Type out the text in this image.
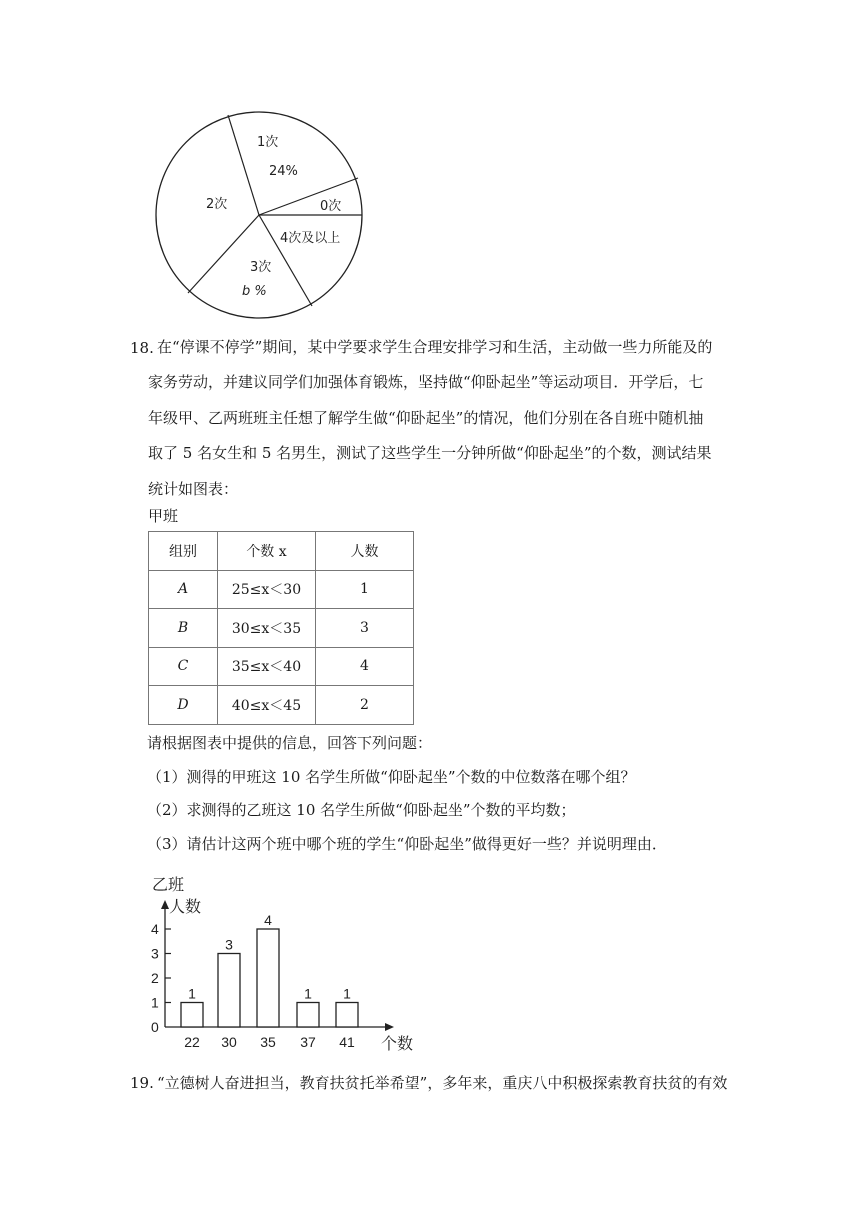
1次
24%
0次
4次及以上
3次
b %
2次
18. 在“停课不停学”期间，某中学要求学生合理安排学习和生活，主动做一些力所能及的
家务劳动，并建议同学们加强体育锻炼，坚持做“仰卧起坐”等运动项目．开学后，七
年级甲、乙两班班主任想了解学生做“仰卧起坐”的情况，他们分别在各自班中随机抽
取了 5 名女生和 5 名男生，测试了这些学生一分钟所做“仰卧起坐”的个数，测试结果
统计如图表：
甲班
组别	个数 x	人数
A	25≤x＜30	1
B	30≤x＜35	3
C	35≤x＜40	4
D	40≤x＜45	2
请根据图表中提供的信息，回答下列问题：
（1）测得的甲班这 10 名学生所做“仰卧起坐”个数的中位数落在哪个组？
（2）求测得的乙班这 10 名学生所做“仰卧起坐”个数的平均数；
（3）请估计这两个班中哪个班的学生“仰卧起坐”做得更好一些？并说明理由．
乙班
人数
个数
0
1
2
3
4
1
22
3
30
4
35
1
37
1
41
19. “立德树人奋进担当，教育扶贫托举希望”，多年来，重庆八中积极探索教育扶贫的有效
